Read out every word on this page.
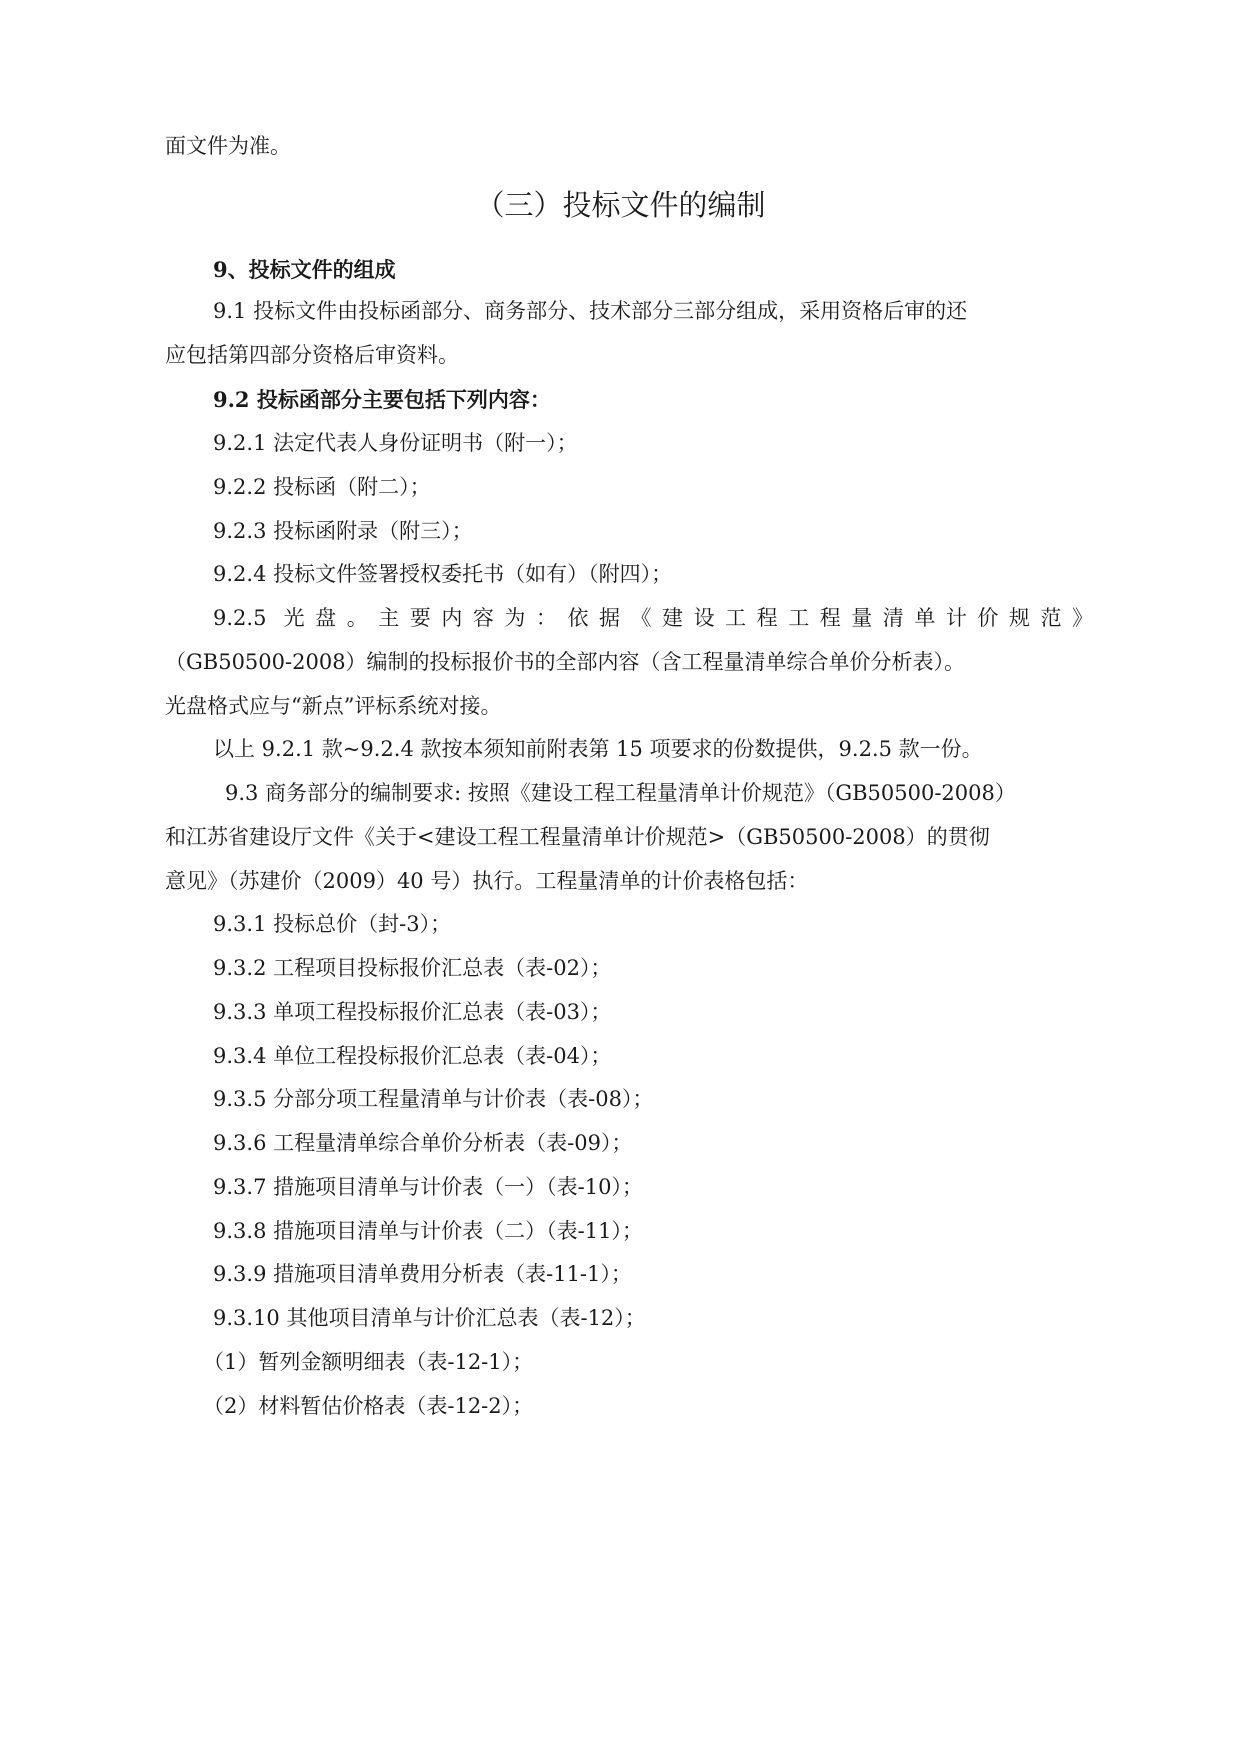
面文件为准。
（三）投标文件的编制
9、投标文件的组成
9.1 投标文件由投标函部分、商务部分、技术部分三部分组成，采用资格后审的还
应包括第四部分资格后审资料。
9.2 投标函部分主要包括下列内容：
9.2.1 法定代表人身份证明书（附一）；
9.2.2 投标函（附二）；
9.2.3 投标函附录（附三）；
9.2.4 投标文件签署授权委托书（如有）（附四）；
9.2.5 光盘。主要内容为：依据《建设工程工程量清单计价规范》
（GB50500-2008）编制的投标报价书的全部内容（含工程量清单综合单价分析表）。
光盘格式应与“新点”评标系统对接。
以上 9.2.1 款~9.2.4 款按本须知前附表第 15 项要求的份数提供，9.2.5 款一份。
9.3 商务部分的编制要求: 按照《建设工程工程量清单计价规范》（GB50500-2008）
和江苏省建设厅文件《关于<建设工程工程量清单计价规范>（GB50500-2008）的贯彻
意见》（苏建价（2009）40 号）执行。工程量清单的计价表格包括：
9.3.1 投标总价（封-3）；
9.3.2 工程项目投标报价汇总表（表-02）；
9.3.3 单项工程投标报价汇总表（表-03）；
9.3.4 单位工程投标报价汇总表（表-04）；
9.3.5 分部分项工程量清单与计价表（表-08）；
9.3.6 工程量清单综合单价分析表（表-09）；
9.3.7 措施项目清单与计价表（一）（表-10）；
9.3.8 措施项目清单与计价表（二）（表-11）；
9.3.9 措施项目清单费用分析表（表-11-1）；
9.3.10 其他项目清单与计价汇总表（表-12）；
（1）暂列金额明细表（表-12-1）；
（2）材料暂估价格表（表-12-2）；
